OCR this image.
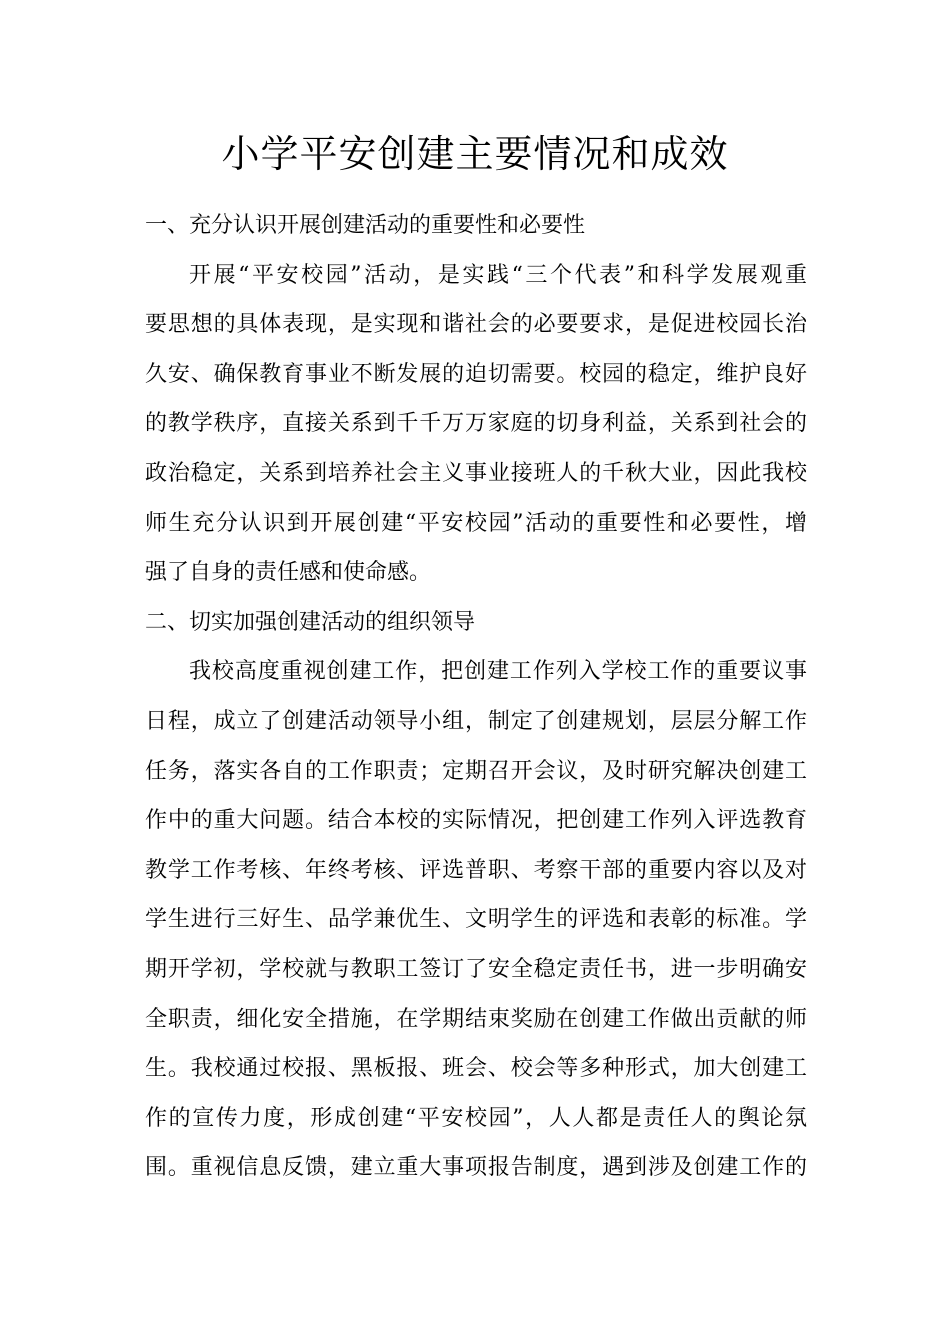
小学平安创建主要情况和成效
一、充分认识开展创建活动的重要性和必要性
开展“平安校园”活动，是实践“三个代表”和科学发展观重
要思想的具体表现，是实现和谐社会的必要要求，是促进校园长治
久安、确保教育事业不断发展的迫切需要。校园的稳定，维护良好
的教学秩序，直接关系到千千万万家庭的切身利益，关系到社会的
政治稳定，关系到培养社会主义事业接班人的千秋大业，因此我校
师生充分认识到开展创建“平安校园”活动的重要性和必要性，增
强了自身的责任感和使命感。
二、切实加强创建活动的组织领导
我校高度重视创建工作，把创建工作列入学校工作的重要议事
日程，成立了创建活动领导小组，制定了创建规划，层层分解工作
任务，落实各自的工作职责；定期召开会议，及时研究解决创建工
作中的重大问题。结合本校的实际情况，把创建工作列入评选教育
教学工作考核、年终考核、评选普职、考察干部的重要内容以及对
学生进行三好生、品学兼优生、文明学生的评选和表彰的标准。学
期开学初，学校就与教职工签订了安全稳定责任书，进一步明确安
全职责，细化安全措施，在学期结束奖励在创建工作做出贡献的师
生。我校通过校报、黑板报、班会、校会等多种形式，加大创建工
作的宣传力度，形成创建“平安校园”，人人都是责任人的舆论氛
围。重视信息反馈，建立重大事项报告制度，遇到涉及创建工作的
